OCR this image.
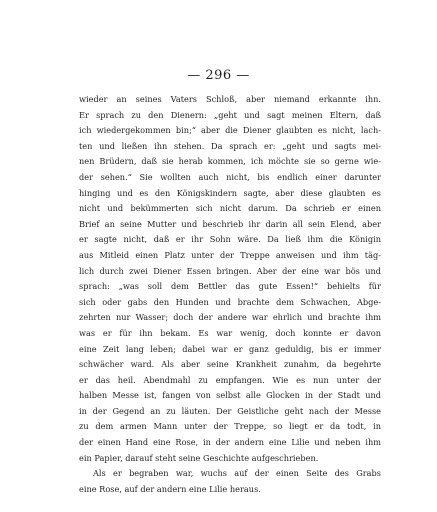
— 296 —
wieder an seines Vaters Schloß, aber niemand erkannte ihn.
Er sprach zu den Dienern: „geht und sagt meinen Eltern, daß
ich wiedergekommen bin;“ aber die Diener glaubten es nicht, lach-
ten und ließen ihn stehen. Da sprach er: „geht und sagts mei-
nen Brüdern, daß sie herab kommen, ich möchte sie so gerne wie-
der sehen.“ Sie wollten auch nicht, bis endlich einer darunter
hinging und es den Königskindern sagte, aber diese glaubten es
nicht und bekümmerten sich nicht darum. Da schrieb er einen
Brief an seine Mutter und beschrieb ihr darin all sein Elend, aber
er sagte nicht, daß er ihr Sohn wäre. Da ließ ihm die Königin
aus Mitleid einen Platz unter der Treppe anweisen und ihm täg-
lich durch zwei Diener Essen bringen. Aber der eine war bös und
sprach: „was soll dem Bettler das gute Essen!“ behielts für
sich oder gabs den Hunden und brachte dem Schwachen, Abge-
zehrten nur Wasser; doch der andere war ehrlich und brachte ihm
was er für ihn bekam. Es war wenig, doch konnte er davon
eine Zeit lang leben; dabei war er ganz geduldig, bis er immer
schwächer ward. Als aber seine Krankheit zunahm, da begehrte
er das heil. Abendmahl zu empfangen. Wie es nun unter der
halben Messe ist, fangen von selbst alle Glocken in der Stadt und
in der Gegend an zu läuten. Der Geistliche geht nach der Messe
zu dem armen Mann unter der Treppe, so liegt er da todt, in
der einen Hand eine Rose, in der andern eine Lilie und neben ihm
ein Papier, darauf steht seine Geschichte aufgeschrieben.
Als er begraben war, wuchs auf der einen Seite des Grabs
eine Rose, auf der andern eine Lilie heraus.
